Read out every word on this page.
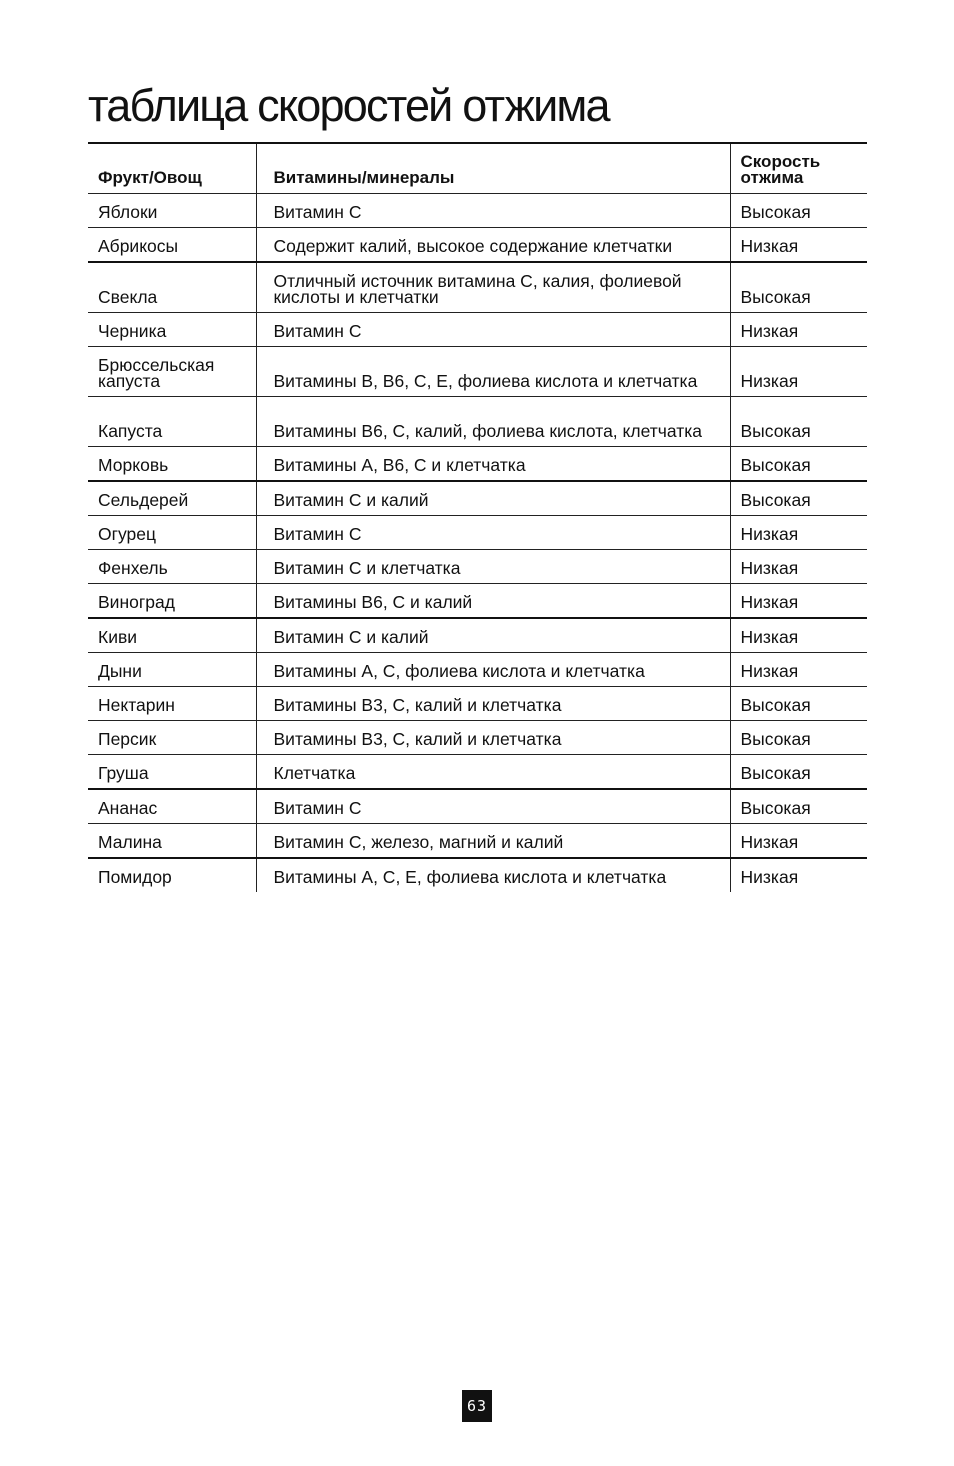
таблица скоростей отжима
Фрукт/Овощ	Витамины/минералы	Скорость отжима
Яблоки	Витамин С	Высокая
Абрикосы	Содержит калий, высокое содержание клетчатки	Низкая
Свекла	Отличный источник витамина С, калия, фолиевой кислоты и клетчатки	Высокая
Черника	Витамин С	Низкая
Брюссельская капуста	Витамины В, В6, С, Е, фолиева кислота и клетчатка	Низкая
Капуста	Витамины В6, С, калий, фолиева кислота, клетчатка	Высокая
Морковь	Витамины А, В6, С и клетчатка	Высокая
Сельдерей	Витамин С и калий	Высокая
Огурец	Витамин С	Низкая
Фенхель	Витамин С и клетчатка	Низкая
Виноград	Витамины В6, С и калий	Низкая
Киви	Витамин С и калий	Низкая
Дыни	Витамины А, С, фолиева кислота и клетчатка	Низкая
Нектарин	Витамины В3, С, калий и клетчатка	Высокая
Персик	Витамины В3, С, калий и клетчатка	Высокая
Груша	Клетчатка	Высокая
Ананас	Витамин С	Высокая
Малина	Витамин С, железо, магний и калий	Низкая
Помидор	Витамины А, С, Е, фолиева кислота и клетчатка	Низкая
63
